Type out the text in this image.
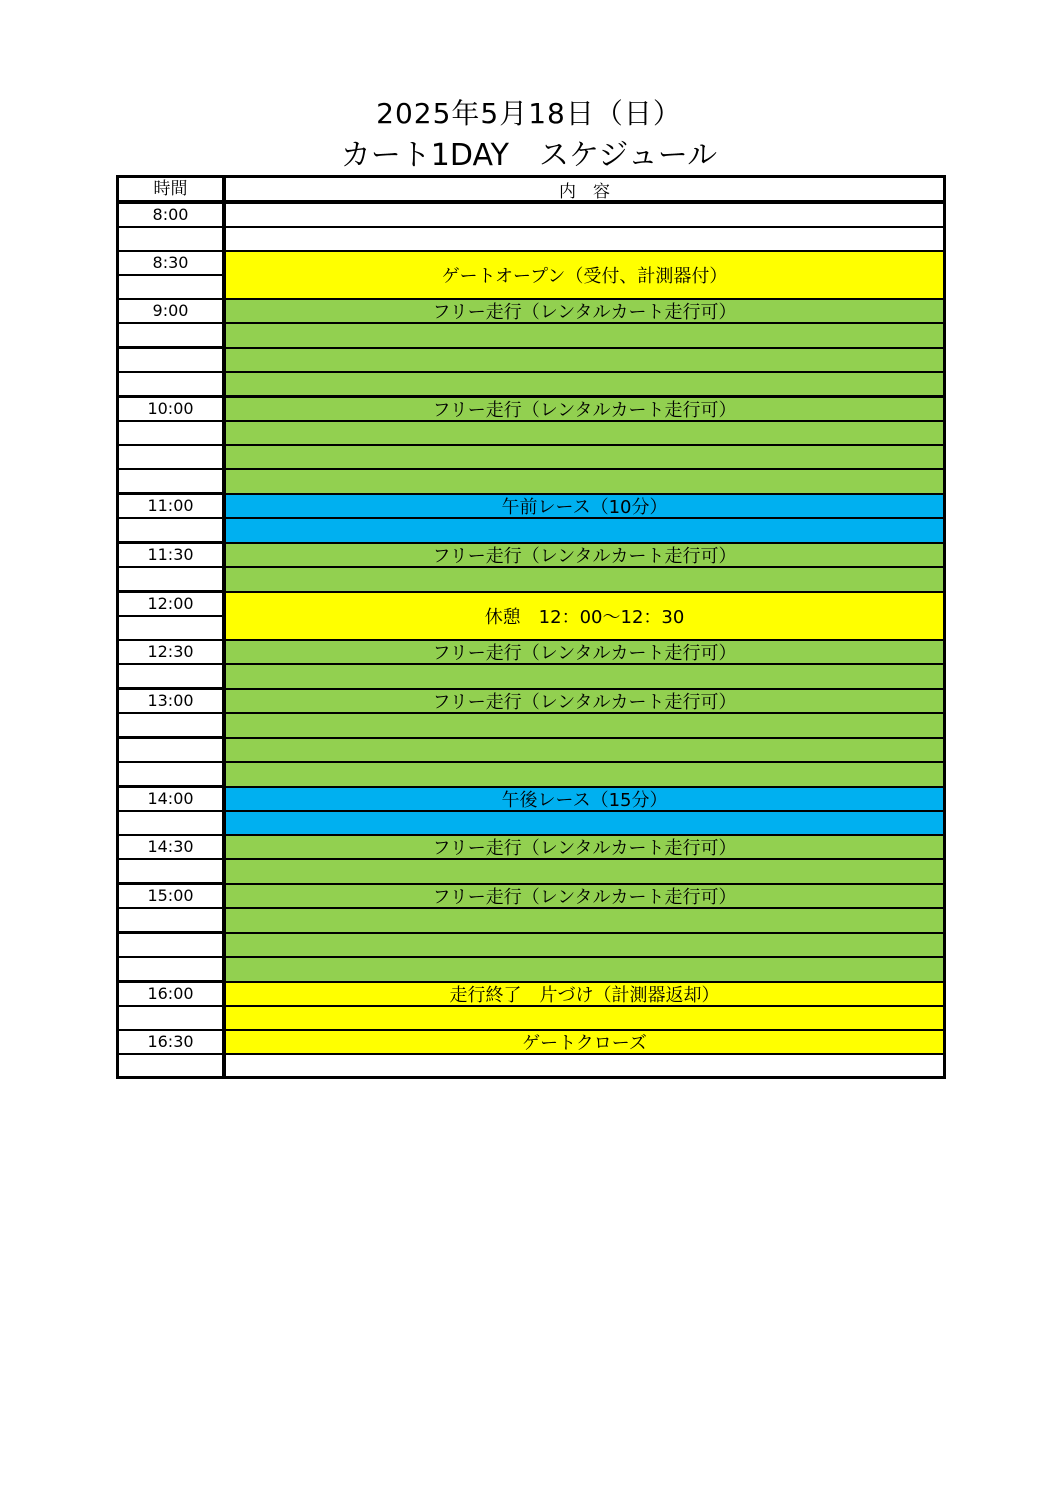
2025年5月18日（日）
カート1DAY　スケジュール
時間
8:00
8:30
9:00
10:00
11:00
11:30
12:00
12:30
13:00
14:00
14:30
15:00
16:00
16:30
内　容
ゲートオープン（受付、計測器付）
フリー走行（レンタルカート走行可）
フリー走行（レンタルカート走行可）
午前レース（10分）
フリー走行（レンタルカート走行可）
休憩　12：00～12：30
フリー走行（レンタルカート走行可）
フリー走行（レンタルカート走行可）
午後レース（15分）
フリー走行（レンタルカート走行可）
フリー走行（レンタルカート走行可）
走行終了　片づけ（計測器返却）
ゲートクローズ
